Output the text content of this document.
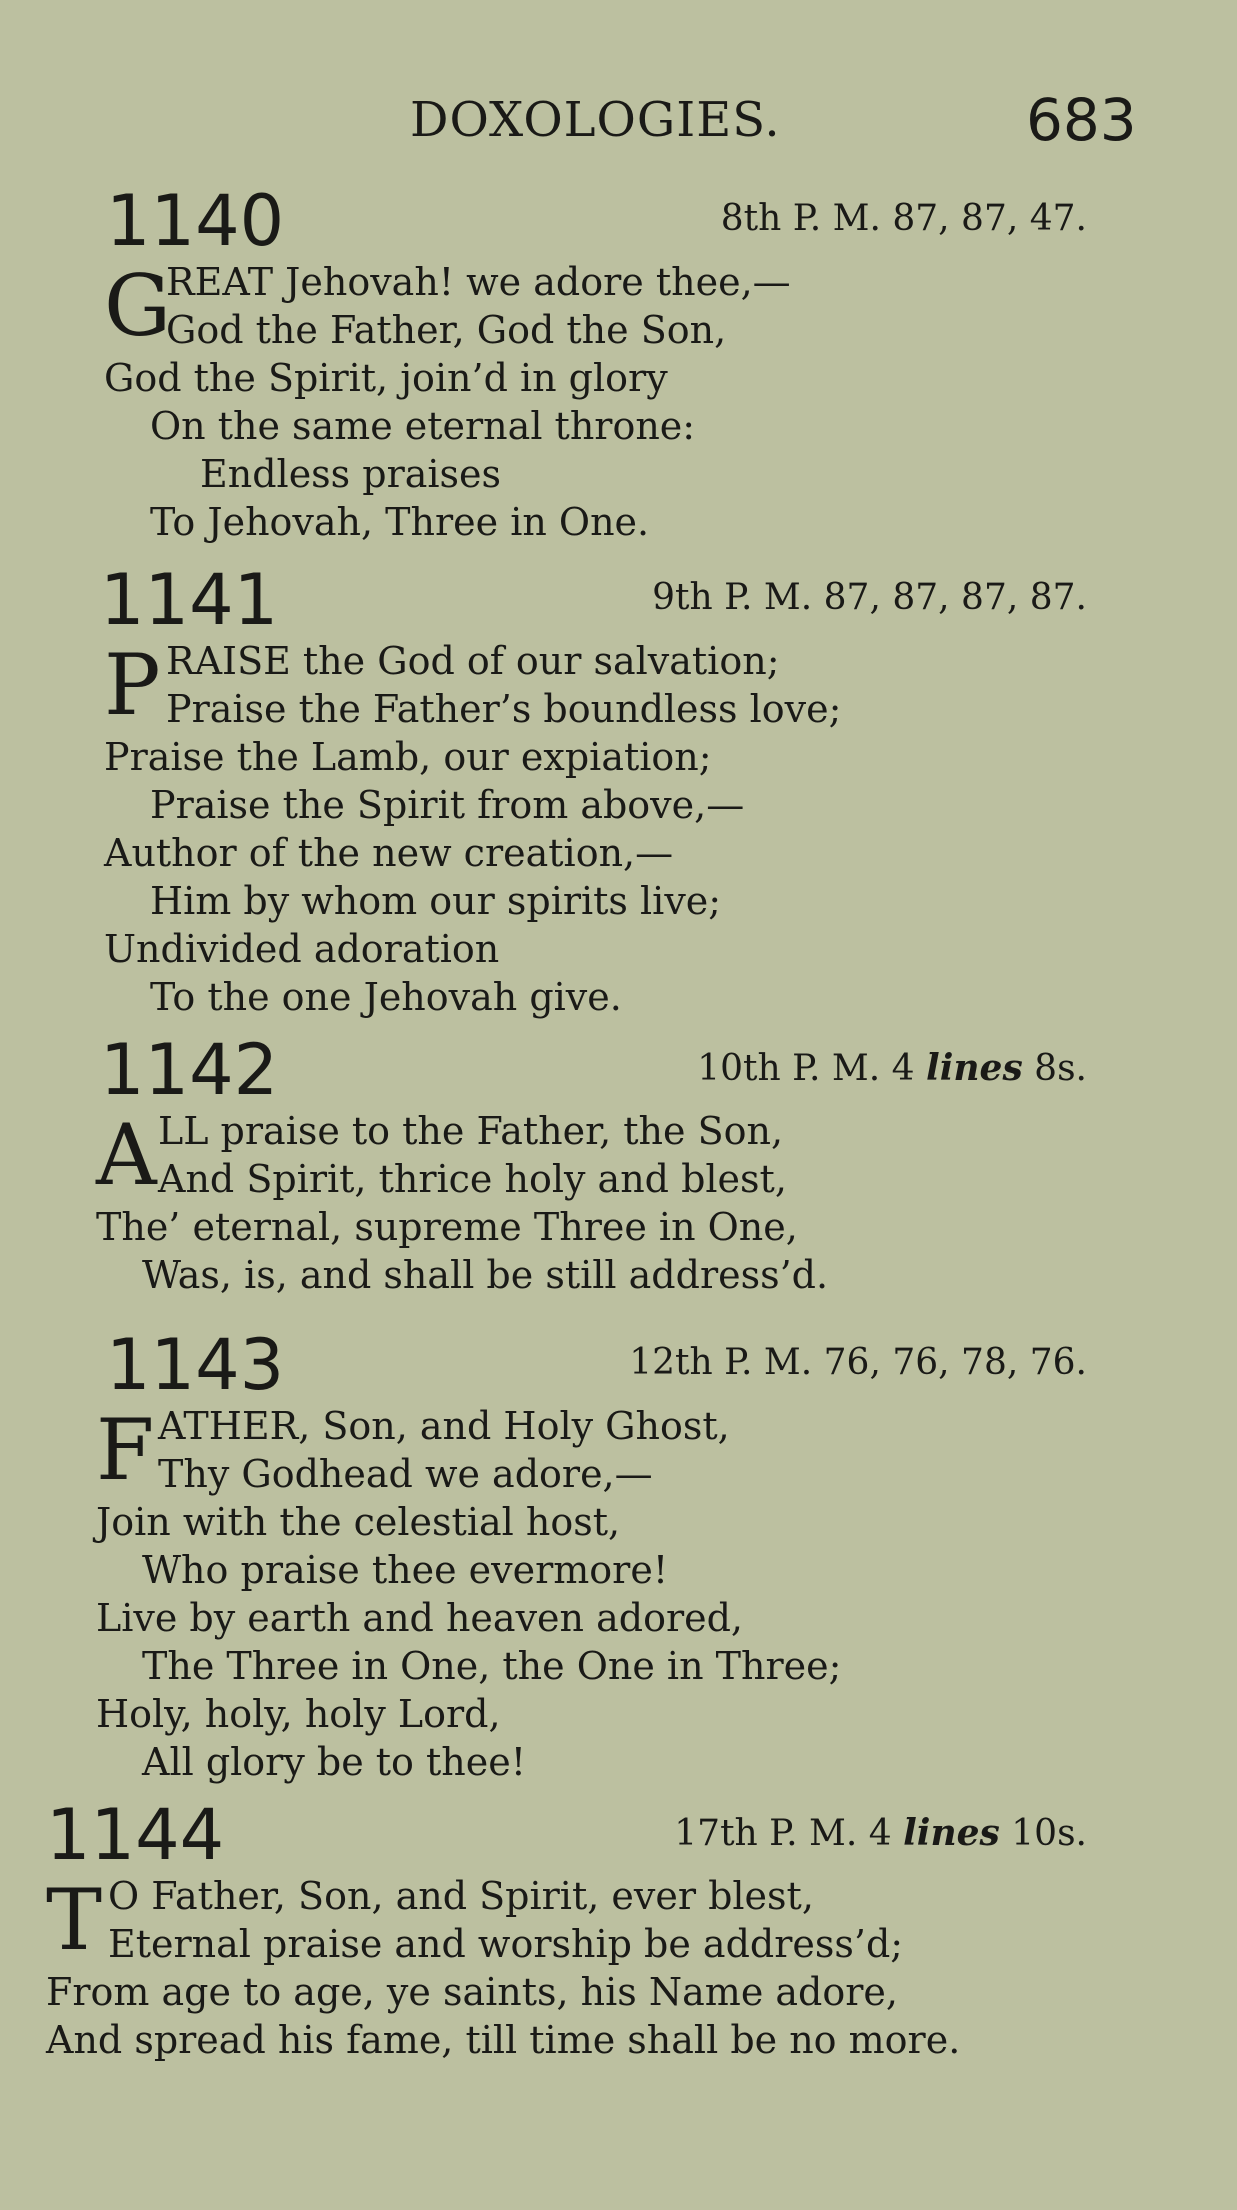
DOXOLOGIES.	683
1140	8th P. M. 87, 87, 47.
G
REAT Jehovah! we adore thee,—
God the Father, God the Son,
God the Spirit, join’d in glory
On the same eternal throne:
Endless praises
To Jehovah, Three in One.
1141	9th P. M. 87, 87, 87, 87.
P RAISE the God of our salvation;
Praise the Father’s boundless love;
Praise the Lamb, our expiation;
Praise the Spirit from above,—
Author of the new creation,—
Him by whom our spirits live;
Undivided adoration
To the one Jehovah give.
1142	10th P. M. 4 lines 8s.
A LL praise to the Father, the Son,
And Spirit, thrice holy and blest,
The’ eternal, supreme Three in One,
Was, is, and shall be still address’d.
1143	12th P. M. 76, 76, 78, 76.
F ATHER, Son, and Holy Ghost,
Thy Godhead we adore,—
Join with the celestial host,
Who praise thee evermore!
Live by earth and heaven adored,
The Three in One, the One in Three;
Holy, holy, holy Lord,
All glory be to thee!
1144	17th P. M. 4 lines 10s.
T O Father, Son, and Spirit, ever blest,
Eternal praise and worship be address’d;
From age to age, ye saints, his Name adore,
And spread his fame, till time shall be no more.
